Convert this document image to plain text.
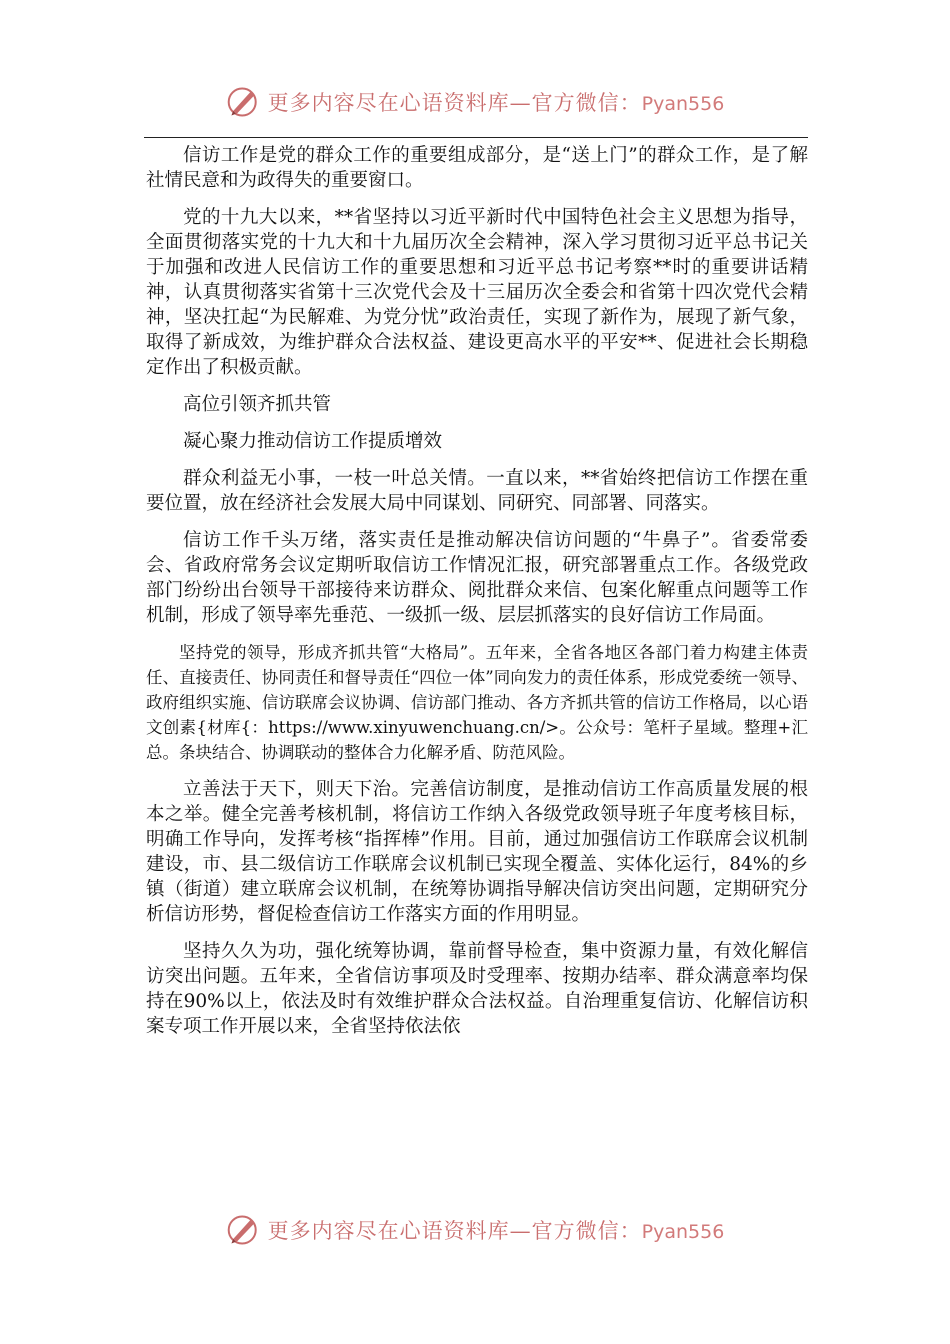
更多内容尽在心语资料库—官方微信：Pyan556

信访工作是党的群众工作的重要组成部分，是“送上门”的群众工作，是了解社情民意和为政得失的重要窗口。

党的十九大以来，**省坚持以习近平新时代中国特色社会主义思想为指导，全面贯彻落实党的十九大和十九届历次全会精神，深入学习贯彻习近平总书记关于加强和改进人民信访工作的重要思想和习近平总书记考察**时的重要讲话精神，认真贯彻落实省第十三次党代会及十三届历次全委会和省第十四次党代会精神，坚决扛起“为民解难、为党分忧”政治责任，实现了新作为，展现了新气象，取得了新成效，为维护群众合法权益、建设更高水平的平安**、促进社会长期稳定作出了积极贡献。

高位引领齐抓共管

凝心聚力推动信访工作提质增效

群众利益无小事，一枝一叶总关情。一直以来，**省始终把信访工作摆在重要位置，放在经济社会发展大局中同谋划、同研究、同部署、同落实。

信访工作千头万绪，落实责任是推动解决信访问题的“牛鼻子”。省委常委会、省政府常务会议定期听取信访工作情况汇报，研究部署重点工作。各级党政部门纷纷出台领导干部接待来访群众、阅批群众来信、包案化解重点问题等工作机制，形成了领导率先垂范、一级抓一级、层层抓落实的良好信访工作局面。

坚持党的领导，形成齐抓共管“大格局”。五年来，全省各地区各部门着力构建主体责任、直接责任、协同责任和督导责任“四位一体”同向发力的责任体系，形成党委统一领导、政府组织实施、信访联席会议协调、信访部门推动、各方齐抓共管的信访工作格局，以心语文创素{材库{：https://www.xinyuwenchuang.cn/>。公众号：笔杆子星域。整理+汇总。条块结合、协调联动的整体合力化解矛盾、防范风险。

立善法于天下，则天下治。完善信访制度，是推动信访工作高质量发展的根本之举。健全完善考核机制，将信访工作纳入各级党政领导班子年度考核目标，明确工作导向，发挥考核“指挥棒”作用。目前，通过加强信访工作联席会议机制建设，市、县二级信访工作联席会议机制已实现全覆盖、实体化运行，84%的乡镇（街道）建立联席会议机制，在统筹协调指导解决信访突出问题，定期研究分析信访形势，督促检查信访工作落实方面的作用明显。

坚持久久为功，强化统筹协调，靠前督导检查，集中资源力量，有效化解信访突出问题。五年来，全省信访事项及时受理率、按期办结率、群众满意率均保持在90%以上，依法及时有效维护群众合法权益。自治理重复信访、化解信访积案专项工作开展以来，全省坚持依法依

更多内容尽在心语资料库—官方微信：Pyan556
